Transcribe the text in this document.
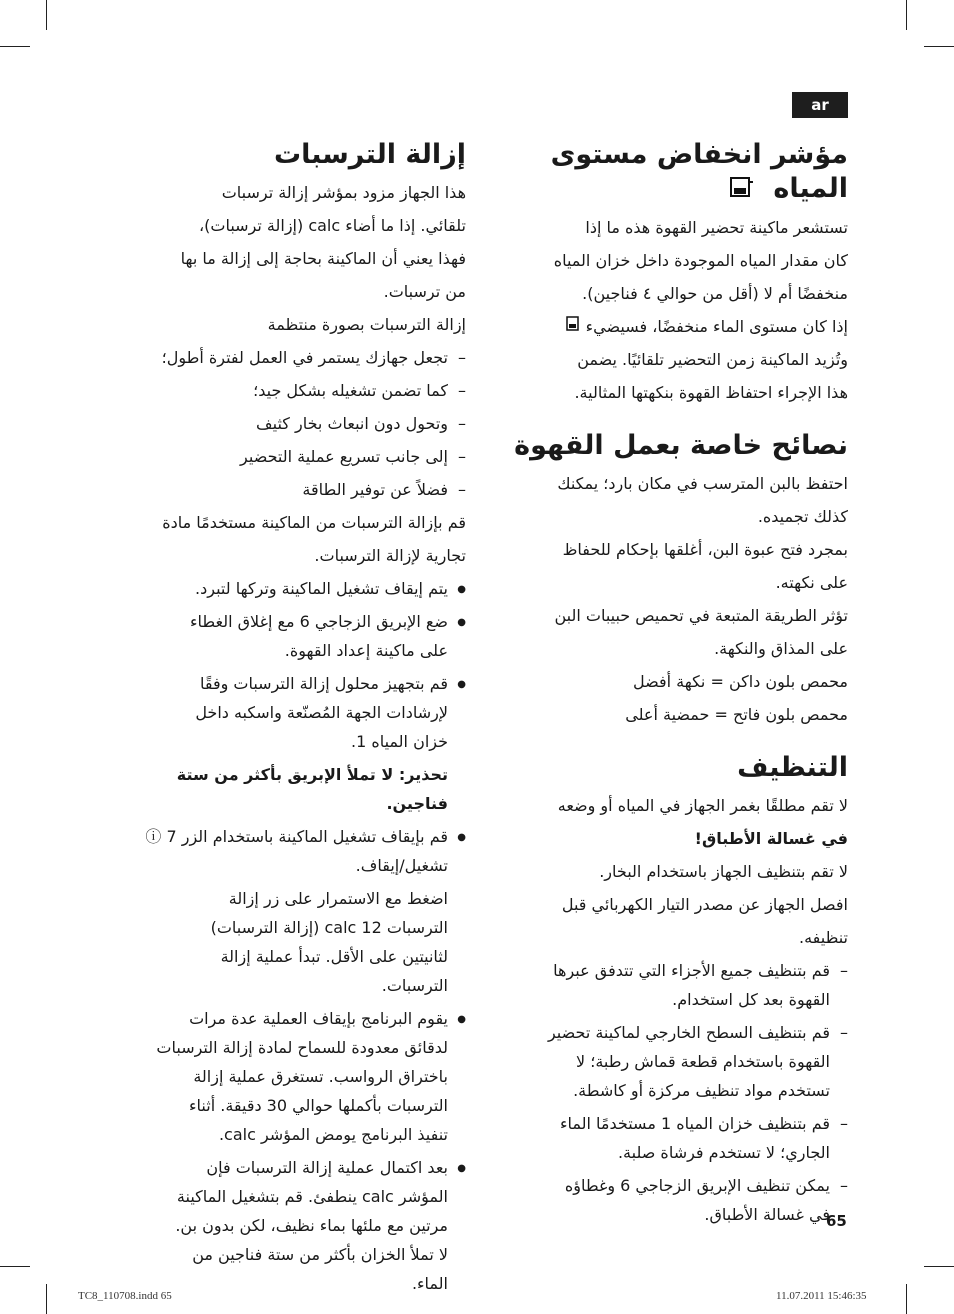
ar
مؤشر انخفاض مستوى المياه

تستشعر ماكينة تحضير القهوة هذه ما إذا

كان مقدار المياه الموجودة داخل خزان المياه

منخفضًا أم لا (أقل من حوالي ٤ فناجين).

إذا كان مستوى الماء منخفضًا، فسيضيء

وتُزيد الماكينة زمن التحضير تلقائيًا. يضمن

هذا الإجراء احتفاظ القهوة بنكهتها المثالية.

نصائح خاصة بعمل القهوة

احتفظ بالبن المترسب في مكان بارد؛ يمكنك

كذلك تجميده.

بمجرد فتح عبوة البن، أغلقها بإحكام للحفاظ

على نكهته.

تؤثر الطريقة المتبعة في تحميص حبيبات البن

على المذاق والنكهة.

محمص بلون داكن = نكهة أفضل

محمص بلون فاتح = حمضية أعلى

التنظيف

لا تقم مطلقًا بغمر الجهاز في المياه أو وضعه

في غسالة الأطباق!

لا تقم بتنظيف الجهاز باستخدام البخار.

افصل الجهاز عن مصدر التيار الكهربائي قبل

تنظيفه.

– قم بتنظيف جميع الأجزاء التي تتدفق عبرها
القهوة بعد كل استخدام.

– قم بتنظيف السطح الخارجي لماكينة تحضير
القهوة باستخدام قطعة قماش رطبة؛ لا
تستخدم مواد تنظيف مركزة أو كاشطة.

– قم بتنظيف خزان المياه 1 مستخدمًا الماء
الجاري؛ لا تستخدم فرشاة صلبة.

– يمكن تنظيف الإبريق الزجاجي 6 وغطاؤه
في غسالة الأطباق.

إزالة الترسبات

هذا الجهاز مزود بمؤشر إزالة ترسبات

تلقائي. إذا ما أضاء calc (إزالة ترسبات)،

فهذا يعني أن الماكينة بحاجة إلى إزالة ما بها

من ترسبات.

إزالة الترسبات بصورة منتظمة

– تجعل جهازك يستمر في العمل لفترة أطول؛

– كما تضمن تشغيله بشكل جيد؛

– وتحول دون انبعاث بخار كثيف

– إلى جانب تسريع عملية التحضير

– فضلاً عن توفير الطاقة

قم بإزالة الترسبات من الماكينة مستخدمًا مادة

تجارية لإزالة الترسبات.

● يتم إيقاف تشغيل الماكينة وتركها لتبرد.

● ضع الإبريق الزجاجي 6 مع إغلاق الغطاء
على ماكينة إعداد القهوة.

● قم بتجهيز محلول إزالة الترسبات وفقًا
لإرشادات الجهة المُصنّعة واسكبه داخل
خزان المياه 1.

تحذير: لا تملأ الإبريق بأكثر من ستة
فناجين.

● قم بإيقاف تشغيل الماكينة باستخدام الزر 7 ⓘ
تشغيل/إيقاف.

اضغط مع الاستمرار على زر إزالة
الترسبات calc 12 (إزالة الترسبات)
لثانيتين على الأقل. تبدأ عملية إزالة
الترسبات.

● يقوم البرنامج بإيقاف العملية عدة مرات
لدقائق معدودة للسماح لمادة إزالة الترسبات
باختراق الرواسب. تستغرق عملية إزالة
الترسبات بأكملها حوالي 30 دقيقة. أثناء
تنفيذ البرنامج يومض المؤشر calc.

● بعد اكتمال عملية إزالة الترسبات فإن
المؤشر calc ينطفئ. قم بتشغيل الماكينة
مرتين مع ملئها بماء نظيف، لكن بدون بن.
لا تملأ الخزان بأكثر من ستة فناجين من
الماء.

65
TC8_110708.indd 65	11.07.2011 15:46:35
